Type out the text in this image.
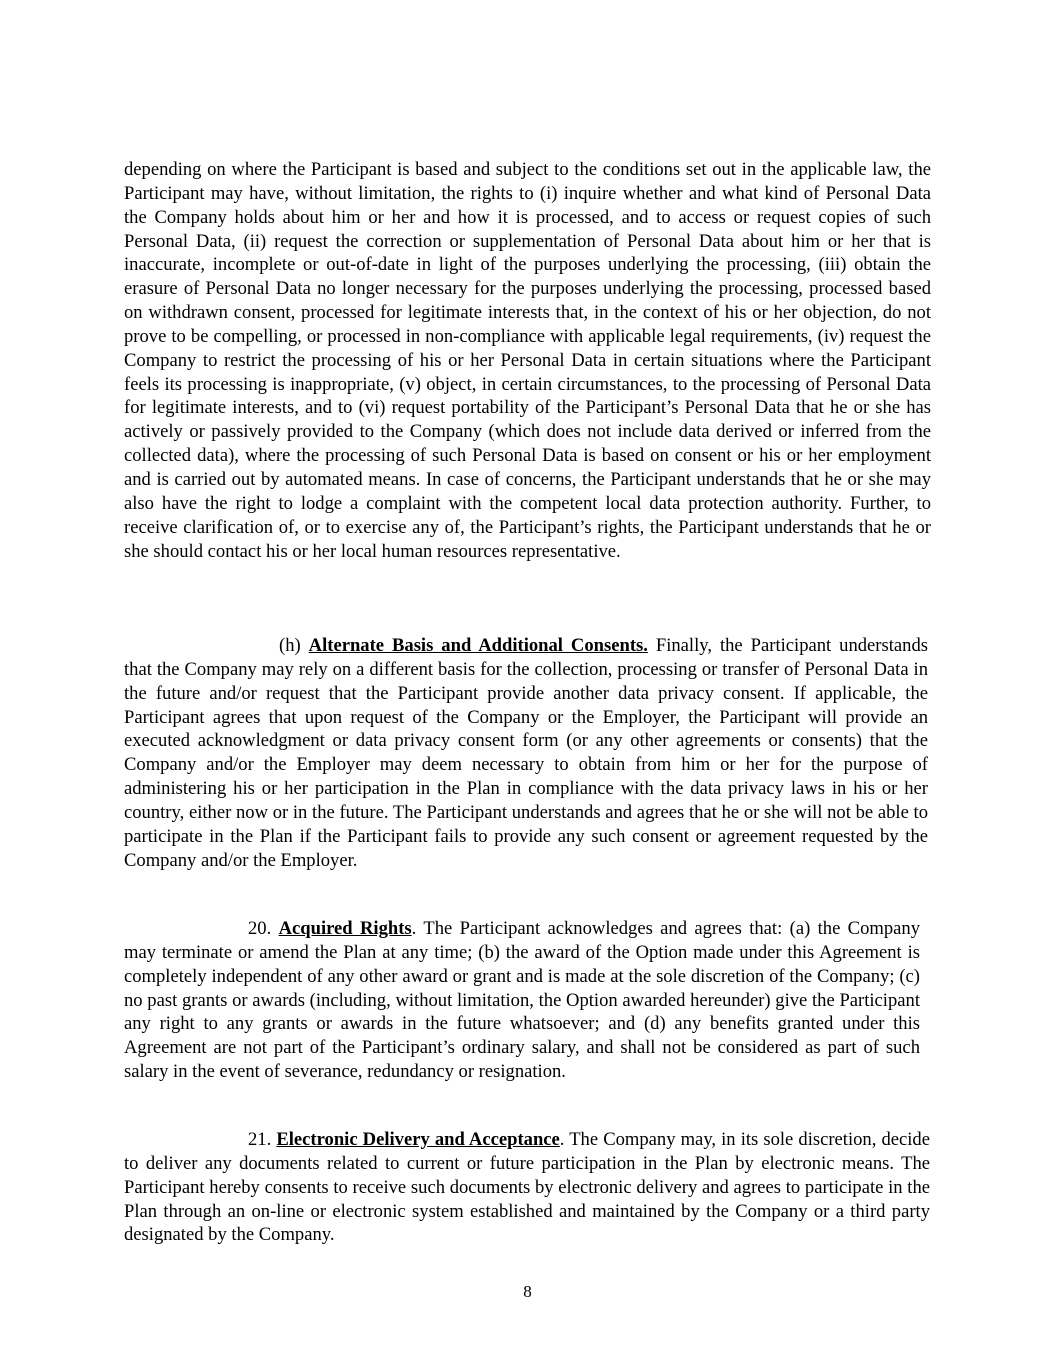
depending on where the Participant is based and subject to the conditions set out in the applicable law, the Participant may have, without limitation, the rights to (i) inquire whether and what kind of Personal Data the Company holds about him or her and how it is processed, and to access or request copies of such Personal Data, (ii) request the correction or supplementation of Personal Data about him or her that is inaccurate, incomplete or out-of-date in light of the purposes underlying the processing, (iii) obtain the erasure of Personal Data no longer necessary for the purposes underlying the processing, processed based on withdrawn consent, processed for legitimate interests that, in the context of his or her objection, do not prove to be compelling, or processed in non-compliance with applicable legal requirements, (iv) request the Company to restrict the processing of his or her Personal Data in certain situations where the Participant feels its processing is inappropriate, (v) object, in certain circumstances, to the processing of Personal Data for legitimate interests, and to (vi) request portability of the Participant’s Personal Data that he or she has actively or passively provided to the Company (which does not include data derived or inferred from the collected data), where the processing of such Personal Data is based on consent or his or her employment and is carried out by automated means. In case of concerns, the Participant understands that he or she may also have the right to lodge a complaint with the competent local data protection authority. Further, to receive clarification of, or to exercise any of, the Participant’s rights, the Participant understands that he or she should contact his or her local human resources representative.

(h) Alternate Basis and Additional Consents. Finally, the Participant understands that the Company may rely on a different basis for the collection, processing or transfer of Personal Data in the future and/or request that the Participant provide another data privacy consent. If applicable, the Participant agrees that upon request of the Company or the Employer, the Participant will provide an executed acknowledgment or data privacy consent form (or any other agreements or consents) that the Company and/or the Employer may deem necessary to obtain from him or her for the purpose of administering his or her participation in the Plan in compliance with the data privacy laws in his or her country, either now or in the future. The Participant understands and agrees that he or she will not be able to participate in the Plan if the Participant fails to provide any such consent or agreement requested by the Company and/or the Employer.

20. Acquired Rights. The Participant acknowledges and agrees that: (a) the Company may terminate or amend the Plan at any time; (b) the award of the Option made under this Agreement is completely independent of any other award or grant and is made at the sole discretion of the Company; (c) no past grants or awards (including, without limitation, the Option awarded hereunder) give the Participant any right to any grants or awards in the future whatsoever; and (d) any benefits granted under this Agreement are not part of the Participant’s ordinary salary, and shall not be considered as part of such salary in the event of severance, redundancy or resignation.

21. Electronic Delivery and Acceptance. The Company may, in its sole discretion, decide to deliver any documents related to current or future participation in the Plan by electronic means. The Participant hereby consents to receive such documents by electronic delivery and agrees to participate in the Plan through an on-line or electronic system established and maintained by the Company or a third party designated by the Company.

8
